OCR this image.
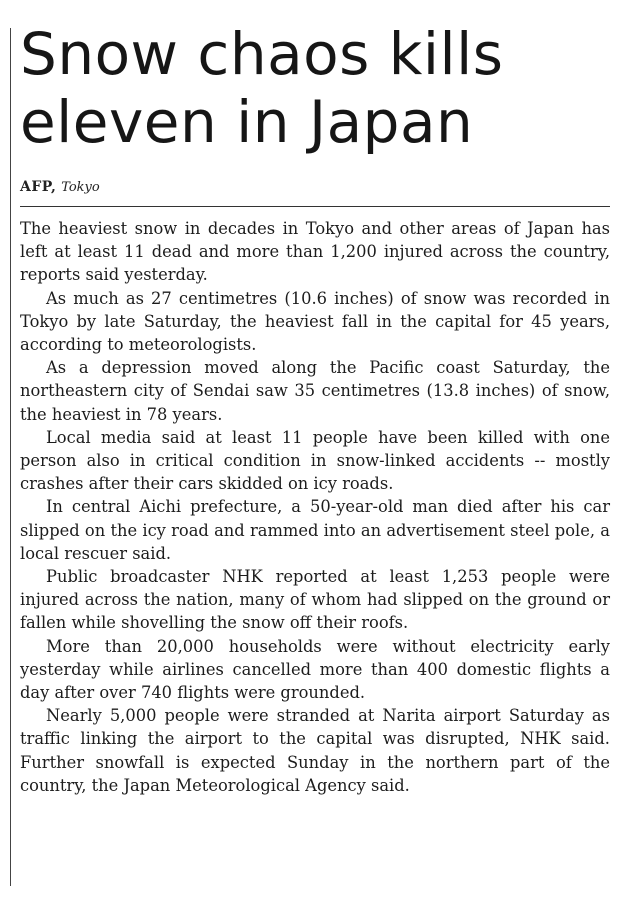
Snow chaos kills eleven in Japan
AFP, Tokyo

The heaviest snow in decades in Tokyo and other areas of Japan has left at least 11 dead and more than 1,200 injured across the country, reports said yesterday.

As much as 27 centimetres (10.6 inches) of snow was recorded in Tokyo by late Saturday, the heaviest fall in the capital for 45 years, according to meteorologists.

As a depression moved along the Pacific coast Saturday, the northeastern city of Sendai saw 35 centimetres (13.8 inches) of snow, the heaviest in 78 years.

Local media said at least 11 people have been killed with one person also in critical condition in snow-linked accidents -- mostly crashes after their cars skidded on icy roads.

In central Aichi prefecture, a 50-year-old man died after his car slipped on the icy road and rammed into an advertisement steel pole, a local rescuer said.

Public broadcaster NHK reported at least 1,253 people were injured across the nation, many of whom had slipped on the ground or fallen while shovelling the snow off their roofs.

More than 20,000 households were without electricity early yesterday while airlines cancelled more than 400 domestic flights a day after over 740 flights were grounded.

Nearly 5,000 people were stranded at Narita airport Saturday as traffic linking the airport to the capital was disrupted, NHK said. Further snowfall is expected Sunday in the northern part of the country, the Japan Meteorological Agency said.
